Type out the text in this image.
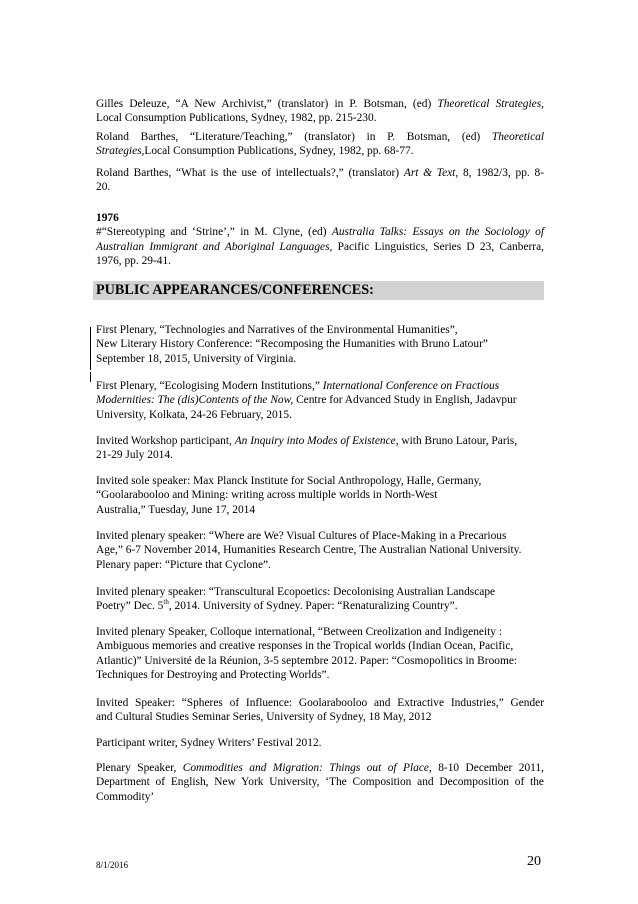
Gilles Deleuze, “A New Archivist,” (translator) in P. Botsman, (ed) Theoretical Strategies,
Local Consumption Publications, Sydney, 1982, pp. 215-230.
Roland Barthes, “Literature/Teaching,” (translator) in P. Botsman, (ed) Theoretical
Strategies,Local Consumption Publications, Sydney, 1982, pp. 68-77.
Roland Barthes, “What is the use of intellectuals?,” (translator) Art & Text, 8, 1982/3, pp. 8-
20.
1976
#“Stereotyping and ‘Strine’,” in M. Clyne, (ed) Australia Talks: Essays on the Sociology of
Australian Immigrant and Aboriginal Languages, Pacific Linguistics, Series D 23, Canberra,
1976, pp. 29-41.
PUBLIC APPEARANCES/CONFERENCES:
First Plenary, “Technologies and Narratives of the Environmental Humanities”,
New Literary History Conference: “Recomposing the Humanities with Bruno Latour”
September 18, 2015, University of Virginia.
First Plenary, “Ecologising Modern Institutions,” International Conference on Fractious
Modernities: The (dis)Contents of the Now, Centre for Advanced Study in English, Jadavpur
University, Kolkata, 24-26 February, 2015.
Invited Workshop participant, An Inquiry into Modes of Existence, with Bruno Latour, Paris,
21-29 July 2014.
Invited sole speaker: Max Planck Institute for Social Anthropology, Halle, Germany,
“Goolarabooloo and Mining: writing across multiple worlds in North-West
Australia,” Tuesday, June 17, 2014
Invited plenary speaker: “Where are We? Visual Cultures of Place-Making in a Precarious
Age,” 6-7 November 2014, Humanities Research Centre, The Australian National University.
Plenary paper: “Picture that Cyclone”.
Invited plenary speaker: “Transcultural Ecopoetics: Decolonising Australian Landscape
Poetry” Dec. 5th, 2014. University of Sydney. Paper: “Renaturalizing Country”.
Invited plenary Speaker, Colloque international, “Between Creolization and Indigeneity :
Ambiguous memories and creative responses in the Tropical worlds (Indian Ocean, Pacific,
Atlantic)” Université de la Réunion, 3-5 septembre 2012. Paper: “Cosmopolitics in Broome:
Techniques for Destroying and Protecting Worlds”.
Invited Speaker: “Spheres of Influence: Goolarabooloo and Extractive Industries,” Gender
and Cultural Studies Seminar Series, University of Sydney, 18 May, 2012
Participant writer, Sydney Writers’ Festival 2012.
Plenary Speaker, Commodities and Migration: Things out of Place, 8-10 December 2011,
Department of English, New York University, ‘The Composition and Decomposition of the
Commodity’
8/1/2016	20
